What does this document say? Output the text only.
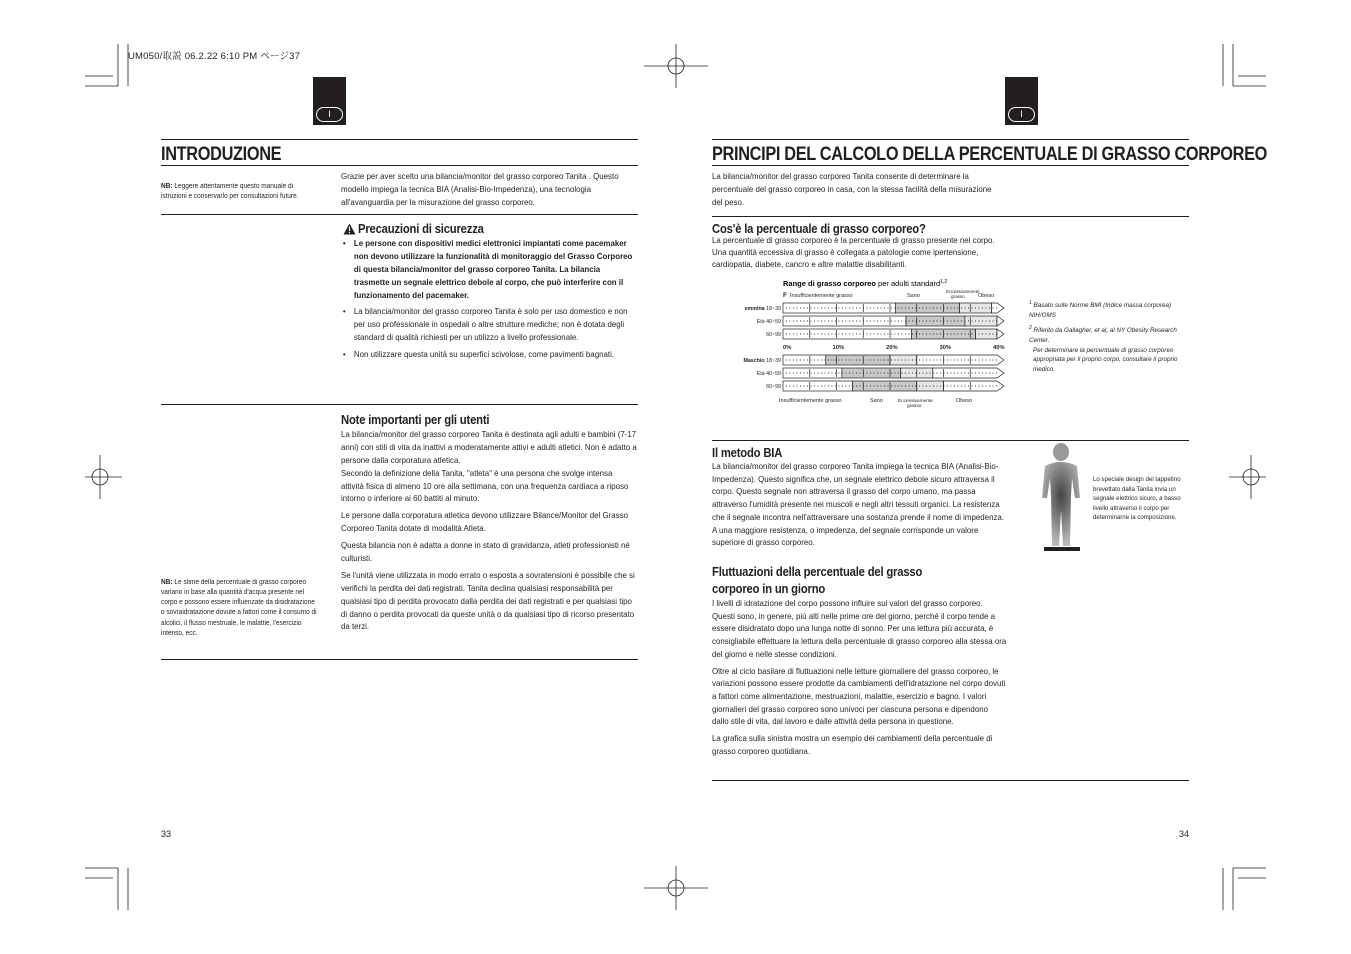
UM050/取説 06.2.22 6:10 PM ページ37
I
INTRODUZIONE
NB: Leggere attentamente questo manuale di istruzioni e conservarlo per consultazioni future.
Grazie per aver scelto una bilancia/monitor del grasso corporeo Tanita . Questo modello impiega la tecnica BIA (Analisi-Bio-Impedenza), una tecnologia all'avanguardia per la misurazione del grasso corporeo.
Precauzioni di sicurezza
• Le persone con dispositivi medici elettronici impiantati come pacemaker non devono utilizzare la funzionalità di monitoraggio del Grasso Corporeo di questa bilancia/monitor del grasso corporeo Tanita. La bilancia trasmette un segnale elettrico debole al corpo, che può interferire con il funzionamento del pacemaker.
• La bilancia/monitor del grasso corporeo Tanita è solo per uso domestico e non per uso professionale in ospedali o altre strutture mediche; non è dotata degli standard di qualità richiesti per un utilizzo a livello professionale.
• Non utilizzare questa unità su superfici scivolose, come pavimenti bagnati.
Note importanti per gli utenti

La bilancia/monitor del grasso corporeo Tanita è destinata agli adulti e bambini (7-17 anni) con stili di vita da inattivi a moderatamente attivi e adulti atletici. Non è adatto a persone dalla corporatura atletica.

Secondo la definizione della Tanita, "atleta" è una persona che svolge intensa attività fisica di almeno 10 ore alla settimana, con una frequenza cardiaca a riposo intorno o inferiore ai 60 battiti al minuto.

Le persone dalla corporatura atletica devono utilizzare Bilance/Monitor del Grasso Corporeo Tanita dotate di modalità Atleta.

Questa bilancia non è adatta a donne in stato di gravidanza, atleti professionisti né culturisti.

Se l'unità viene utilizzata in modo errato o esposta a sovratensioni è possibile che si verifichi la perdita dei dati registrati. Tanita declina qualsiasi responsabilità per qualsiasi tipo di perdita provocato dalla perdita dei dati registrati e per qualsiasi tipo di danno o perdita provocati da queste unità o da qualsiasi tipo di ricorso presentato da terzi.

NB: Le stime della percentuale di grasso corporeo variano in base alla quantità d'acqua presente nel corpo e possono essere influenzate da disidratazione o sovraidratazione dovute a fattori come il consumo di alcolici, il flusso mestruale, le malattie, l'esercizio intenso, ecc.
33
I
PRINCIPI DEL CALCOLO DELLA PERCENTUALE DI GRASSO CORPOREO
La bilancia/monitor del grasso corporeo Tanita consente di determinare la percentuale del grasso corporeo in casa, con la stessa facilità della misurazione del peso.
Cos'è la percentuale di grasso corporeo?
La percentuale di grasso corporeo è la percentuale di grasso presente nel corpo. Una quantità eccessiva di grasso è collegata a patologie come ipertensione, cardiopatia, diabete, cancro e altre malattie disabilitanti.
Range di grasso corporeo per adulti standard$^{1,2}$
F Insufficientemente grasso	Sano
Eccessivamente
grasso Obeso
emmina 18~39
Età 40~59
60~99
Maschio 18~39
Età 40~59
60~99
0%	10%	20%	30%	40%
Insufficientemente grasso	Sano	Eccessivamente
grasso
Obeso
$^1$ Basato sulle Norme BMI (Indice massa corporea) NIH/OMS
$^2$ Riferito da Gallagher, et al, al NY Obesity Research Center.
Per determinare la percentuale di grasso corporeo appropriata per il proprio corpo, consultare il proprio medico.
Il metodo BIA
La bilancia/monitor del grasso corporeo Tanita impiega la tecnica BIA (Analisi-Bio-Impedenza). Questo significa che, un segnale elettrico debole sicuro attraversa il corpo. Questo segnale non attraversa il grasso del corpo umano, ma passa attraverso l'umidità presente nei muscoli e negli altri tessuti organici. La resistenza che il segnale incontra nell'attraversare una sostanza prende il nome di impedenza. A una maggiore resistenza, o impedenza, del segnale corrisponde un valore superiore di grasso corporeo.
Lo speciale design del tappetino brevettato dalla Tanita invia un segnale elettrico sicuro, a basso livello attraverso il corpo per determinarne la composizione.
Fluttuazioni della percentuale del grasso
corporeo in un giorno

I livelli di idratazione del corpo possono influire sui valori del grasso corporeo. Questi sono, in genere, più alti nelle prime ore del giorno, perché il corpo tende a essere disidratato dopo una lunga notte di sonno. Per una lettura più accurata, è consigliabile effettuare la lettura della percentuale di grasso corporeo alla stessa ora del giorno e nelle stesse condizioni.

Oltre al ciclo basilare di fluttuazioni nelle letture giornaliere del grasso corporeo, le variazioni possono essere prodotte da cambiamenti dell'idratazione nel corpo dovuti a fattori come alimentazione, mestruazioni, malattie, esercizio e bagno. I valori giornalieri del grasso corporeo sono univoci per ciascuna persona e dipendono dallo stile di vita, dal lavoro e dalle attività della persona in questione.

La grafica sulla sinistra mostra un esempio dei cambiamenti della percentuale di grasso corporeo quotidiana.

34
